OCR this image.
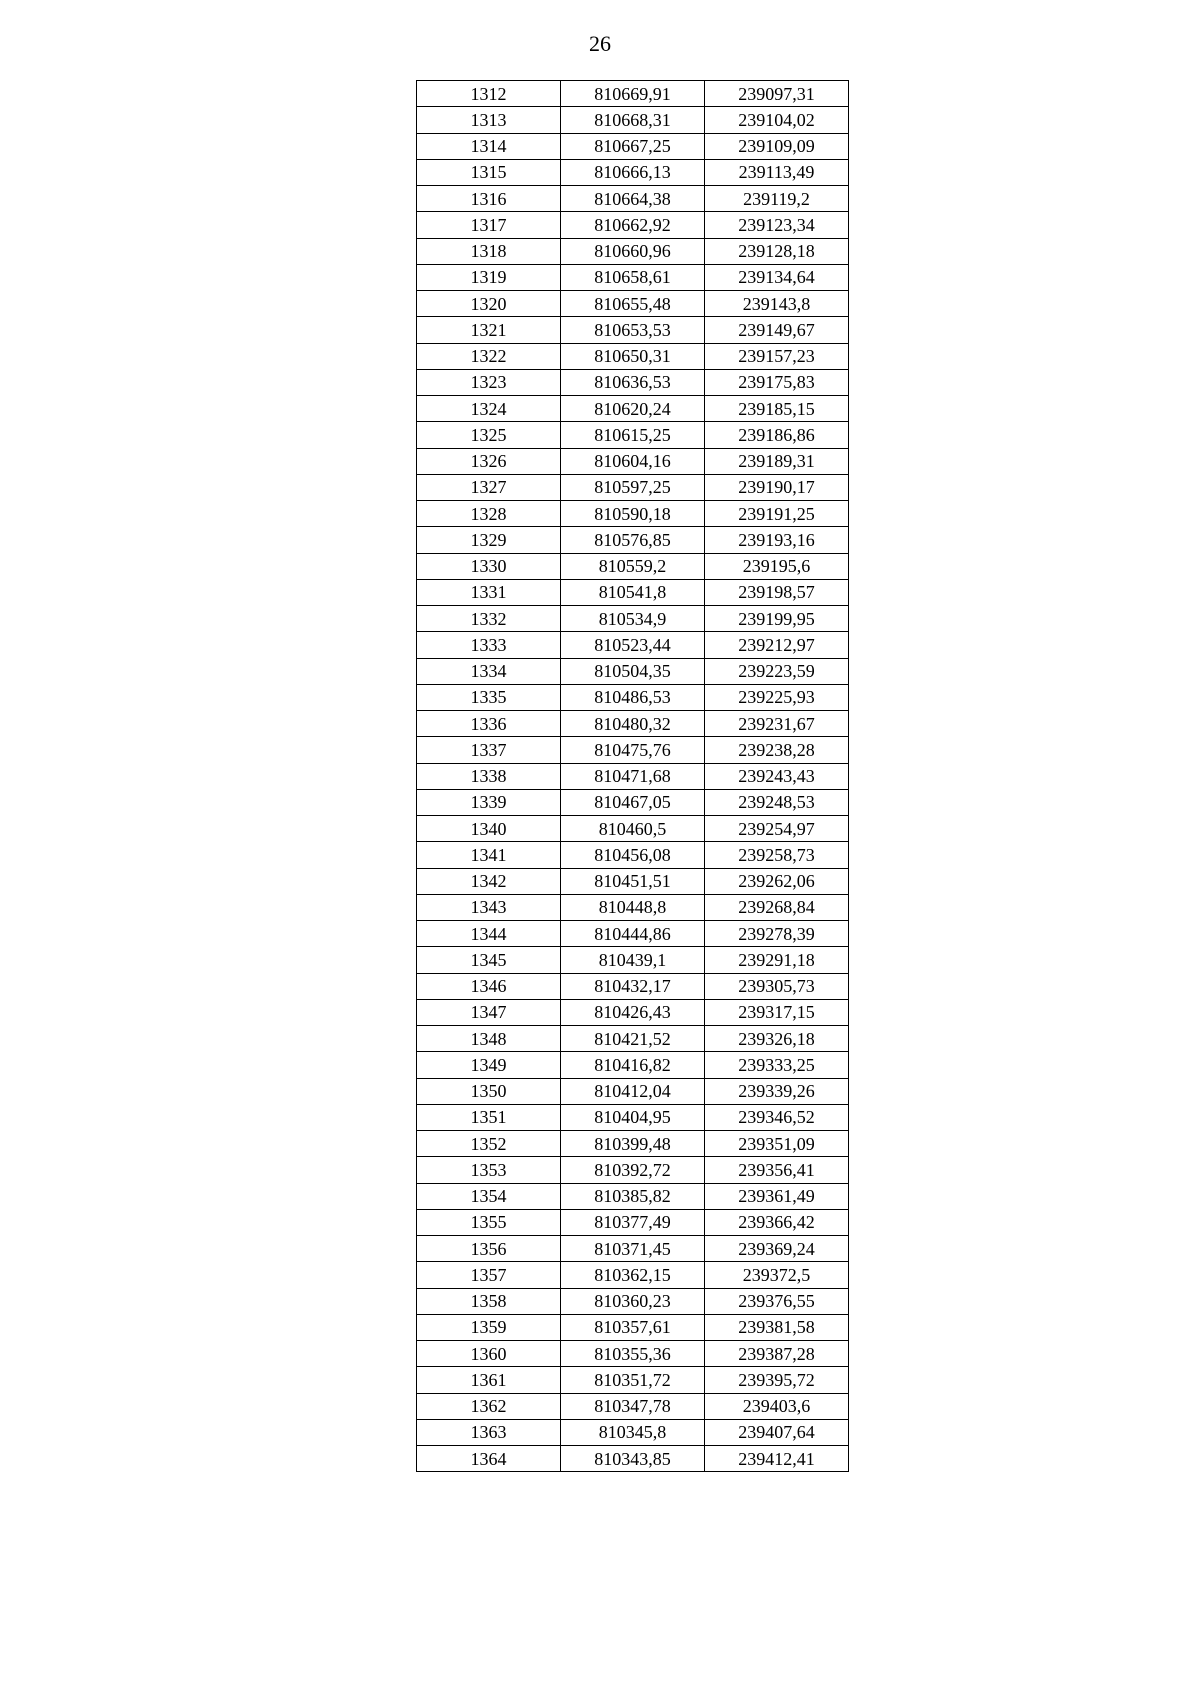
26
1312	810669,91	239097,31
1313	810668,31	239104,02
1314	810667,25	239109,09
1315	810666,13	239113,49
1316	810664,38	239119,2
1317	810662,92	239123,34
1318	810660,96	239128,18
1319	810658,61	239134,64
1320	810655,48	239143,8
1321	810653,53	239149,67
1322	810650,31	239157,23
1323	810636,53	239175,83
1324	810620,24	239185,15
1325	810615,25	239186,86
1326	810604,16	239189,31
1327	810597,25	239190,17
1328	810590,18	239191,25
1329	810576,85	239193,16
1330	810559,2	239195,6
1331	810541,8	239198,57
1332	810534,9	239199,95
1333	810523,44	239212,97
1334	810504,35	239223,59
1335	810486,53	239225,93
1336	810480,32	239231,67
1337	810475,76	239238,28
1338	810471,68	239243,43
1339	810467,05	239248,53
1340	810460,5	239254,97
1341	810456,08	239258,73
1342	810451,51	239262,06
1343	810448,8	239268,84
1344	810444,86	239278,39
1345	810439,1	239291,18
1346	810432,17	239305,73
1347	810426,43	239317,15
1348	810421,52	239326,18
1349	810416,82	239333,25
1350	810412,04	239339,26
1351	810404,95	239346,52
1352	810399,48	239351,09
1353	810392,72	239356,41
1354	810385,82	239361,49
1355	810377,49	239366,42
1356	810371,45	239369,24
1357	810362,15	239372,5
1358	810360,23	239376,55
1359	810357,61	239381,58
1360	810355,36	239387,28
1361	810351,72	239395,72
1362	810347,78	239403,6
1363	810345,8	239407,64
1364	810343,85	239412,41
